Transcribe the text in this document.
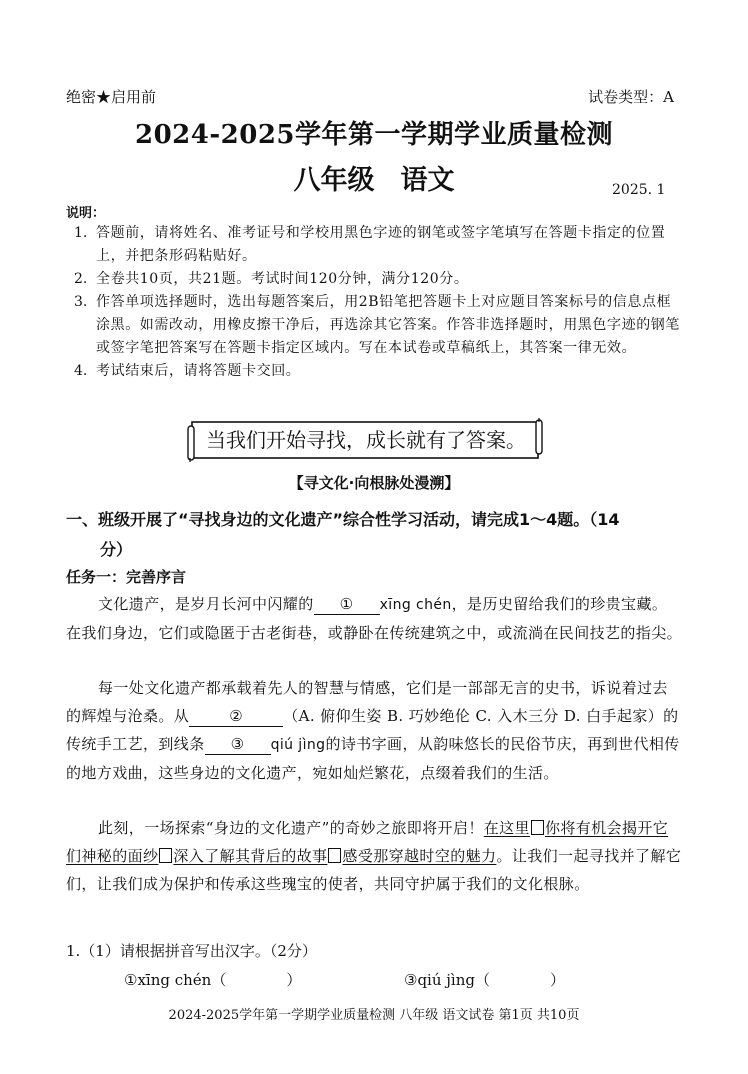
绝密★启用前	试卷类型：A
2024-2025学年第一学期学业质量检测
八年级 语文	2025. 1
说明：
1. 答题前，请将姓名、准考证号和学校用黑色字迹的钢笔或签字笔填写在答题卡指定的位置上，并把条形码粘贴好。
2. 全卷共10页，共21题。考试时间120分钟，满分120分。
3. 作答单项选择题时，选出每题答案后，用2B铅笔把答题卡上对应题目答案标号的信息点框涂黑。如需改动，用橡皮擦干净后，再选涂其它答案。作答非选择题时，用黑色字迹的钢笔或签字笔把答案写在答题卡指定区域内。写在本试卷或草稿纸上，其答案一律无效。
4. 考试结束后，请将答题卡交回。
当我们开始寻找，成长就有了答案。
【寻文化·向根脉处漫溯】
一、班级开展了“寻找身边的文化遗产”综合性学习活动，请完成1～4题。（14
分）
任务一：完善序言
文化遗产，是岁月长河中闪耀的 ① xīng chén，是历史留给我们的珍贵宝藏。在我们身边，它们或隐匿于古老街巷，或静卧在传统建筑之中，或流淌在民间技艺的指尖。
每一处文化遗产都承载着先人的智慧与情感，它们是一部部无言的史书，诉说着过去的辉煌与沧桑。从	②	（A. 俯仰生姿 B. 巧妙绝伦 C. 入木三分 D. 白手起家）的传统手工艺，到线条 ③ qiú jìng的诗书字画，从韵味悠长的民俗节庆，再到世代相传的地方戏曲，这些身边的文化遗产，宛如灿烂繁花，点缀着我们的生活。
此刻，一场探索“身边的文化遗产”的奇妙之旅即将开启！在这里 你将有机会揭开它们神秘的面纱 深入了解其背后的故事 感受那穿越时空的魅力。让我们一起寻找并了解它们，让我们成为保护和传承这些瑰宝的使者，共同守护属于我们的文化根脉。
1.（1）请根据拼音写出汉字。（2分）
①xīng chén（　　　　）	③qiú jìng（　　　　）
2024-2025学年第一学期学业质量检测 八年级 语文试卷 第1页 共10页
